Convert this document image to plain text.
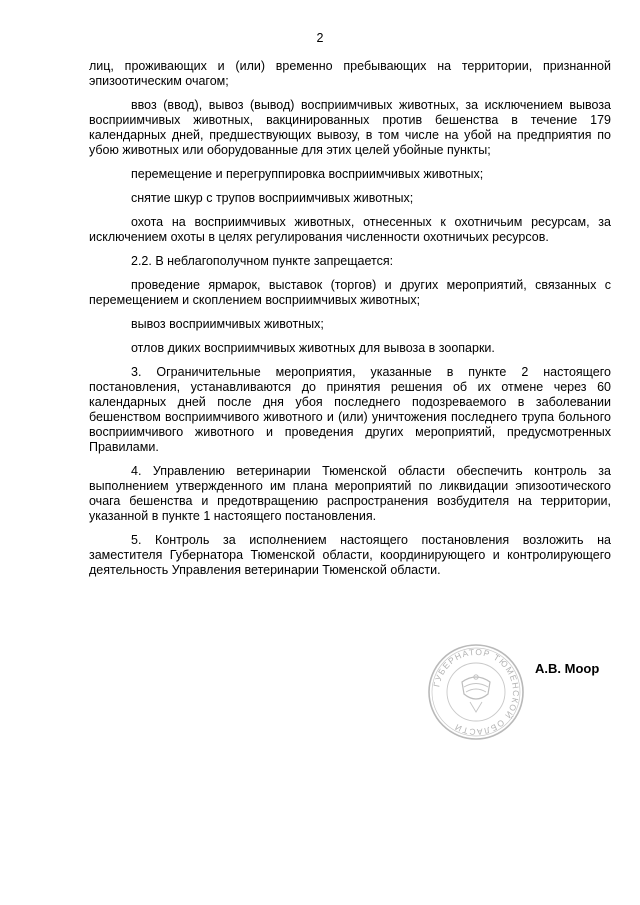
2

лиц, проживающих и (или) временно пребывающих на территории, признанной эпизоотическим очагом;

ввоз (ввод), вывоз (вывод) восприимчивых животных, за исключением вывоза восприимчивых животных, вакцинированных против бешенства в течение 179 календарных дней, предшествующих вывозу, в том числе на убой на предприятия по убою животных или оборудованные для этих целей убойные пункты;

перемещение и перегруппировка восприимчивых животных;

снятие шкур с трупов восприимчивых животных;

охота на восприимчивых животных, отнесенных к охотничьим ресурсам, за исключением охоты в целях регулирования численности охотничьих ресурсов.

2.2. В неблагополучном пункте запрещается:

проведение ярмарок, выставок (торгов) и других мероприятий, связанных с перемещением и скоплением восприимчивых животных;

вывоз восприимчивых животных;

отлов диких восприимчивых животных для вывоза в зоопарки.

3. Ограничительные мероприятия, указанные в пункте 2 настоящего постановления, устанавливаются до принятия решения об их отмене через 60 календарных дней после дня убоя последнего подозреваемого в заболевании бешенством восприимчивого животного и (или) уничтожения последнего трупа больного восприимчивого животного и проведения других мероприятий, предусмотренных Правилами.

4. Управлению ветеринарии Тюменской области обеспечить контроль за выполнением утвержденного им плана мероприятий по ликвидации эпизоотического очага бешенства и предотвращению распространения возбудителя на территории, указанной в пункте 1 настоящего постановления.

5. Контроль за исполнением настоящего постановления возложить на заместителя Губернатора Тюменской области, координирующего и контролирующего деятельность Управления ветеринарии Тюменской области.

ГУБЕРНАТОР ТЮМЕНСКОЙ ОБЛАСТИ
А.В. Моор
